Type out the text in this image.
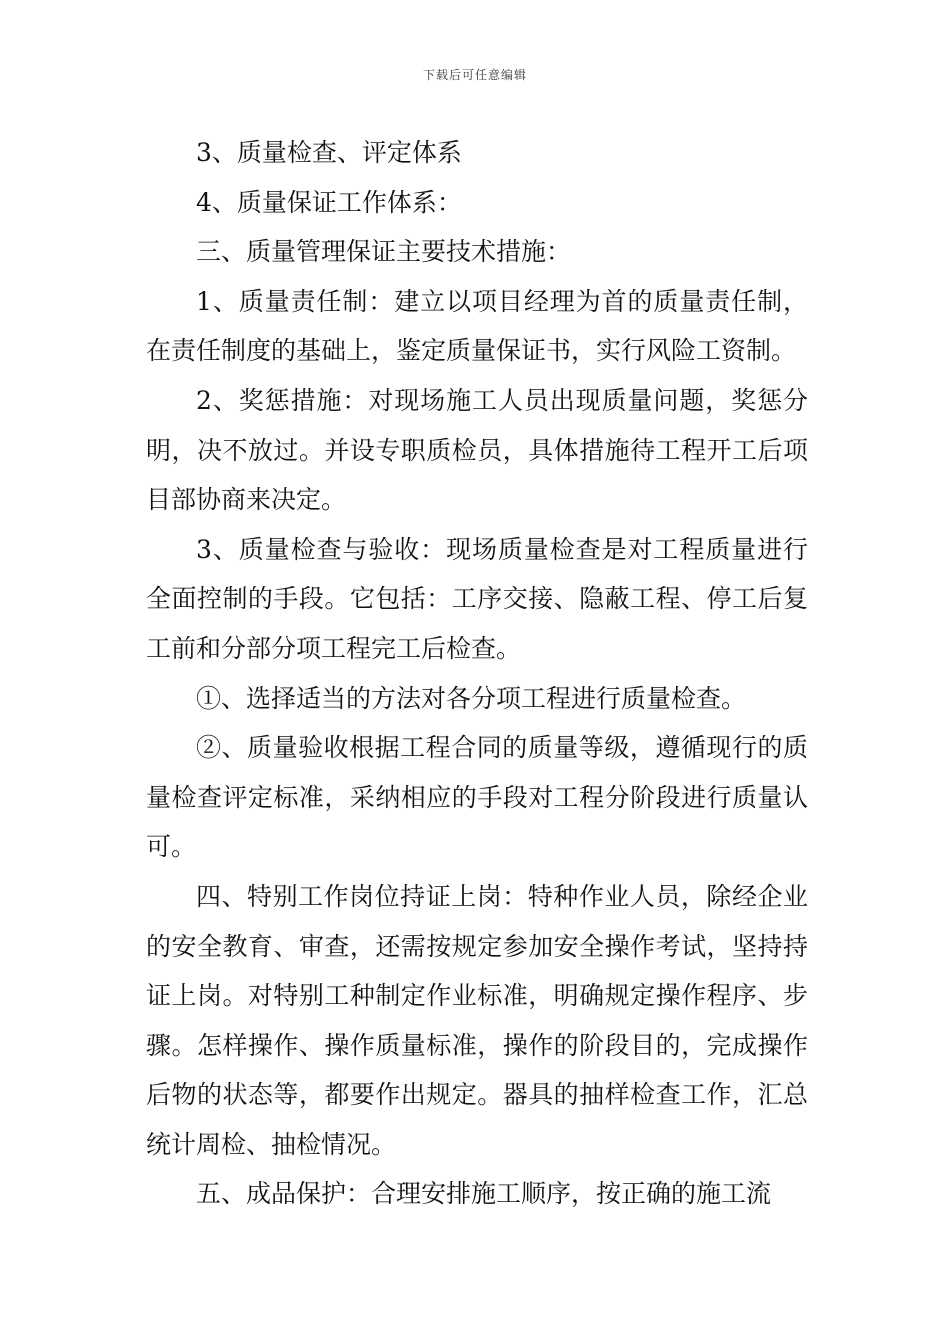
下载后可任意编辑

3、质量检查、评定体系

4、质量保证工作体系：

三、质量管理保证主要技术措施：

1、质量责任制：建立以项目经理为首的质量责任制，在责任制度的基础上，鉴定质量保证书，实行风险工资制。

2、奖惩措施：对现场施工人员出现质量问题，奖惩分明，决不放过。并设专职质检员，具体措施待工程开工后项目部协商来决定。

3、质量检查与验收：现场质量检查是对工程质量进行全面控制的手段。它包括：工序交接、隐蔽工程、停工后复工前和分部分项工程完工后检查。

①、选择适当的方法对各分项工程进行质量检查。

②、质量验收根据工程合同的质量等级，遵循现行的质量检查评定标准，采纳相应的手段对工程分阶段进行质量认可。

四、特别工作岗位持证上岗：特种作业人员，除经企业的安全教育、审查，还需按规定参加安全操作考试，坚持持证上岗。对特别工种制定作业标准，明确规定操作程序、步骤。怎样操作、操作质量标准，操作的阶段目的，完成操作后物的状态等，都要作出规定。器具的抽样检查工作，汇总统计周检、抽检情况。

五、成品保护：合理安排施工顺序，按正确的施工流
